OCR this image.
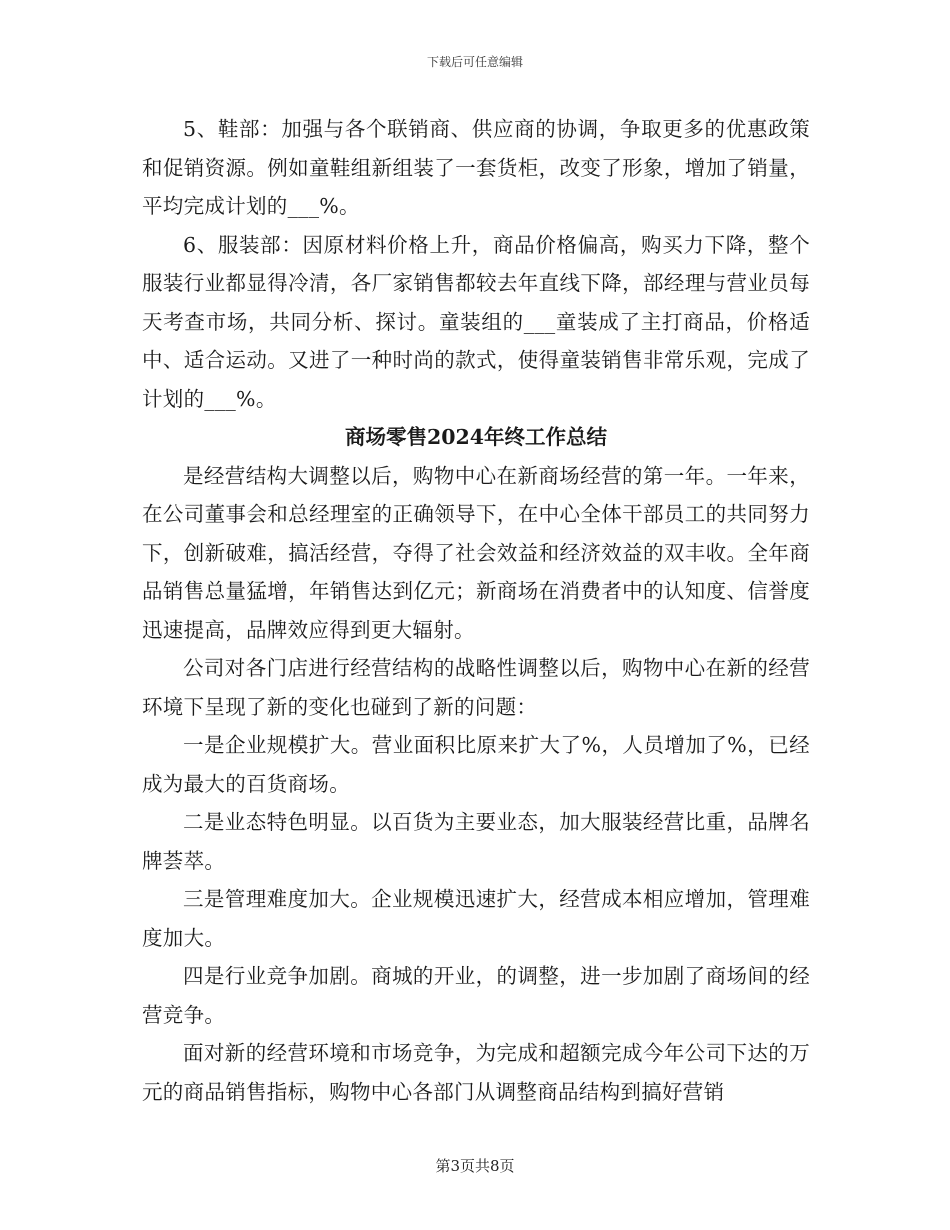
下载后可任意编辑

5、鞋部：加强与各个联销商、供应商的协调，争取更多的优惠政策和促销资源。例如童鞋组新组装了一套货柜，改变了形象，增加了销量，平均完成计划的___%。

6、服装部：因原材料价格上升，商品价格偏高，购买力下降，整个服装行业都显得冷清，各厂家销售都较去年直线下降，部经理与营业员每天考查市场，共同分析、探讨。童装组的___童装成了主打商品，价格适中、适合运动。又进了一种时尚的款式，使得童装销售非常乐观，完成了计划的___%。

商场零售2024年终工作总结

是经营结构大调整以后，购物中心在新商场经营的第一年。一年来，在公司董事会和总经理室的正确领导下，在中心全体干部员工的共同努力下，创新破难，搞活经营，夺得了社会效益和经济效益的双丰收。全年商品销售总量猛增，年销售达到亿元；新商场在消费者中的认知度、信誉度迅速提高，品牌效应得到更大辐射。

公司对各门店进行经营结构的战略性调整以后，购物中心在新的经营环境下呈现了新的变化也碰到了新的问题：

一是企业规模扩大。营业面积比原来扩大了%，人员增加了%，已经成为最大的百货商场。

二是业态特色明显。以百货为主要业态，加大服装经营比重，品牌名牌荟萃。

三是管理难度加大。企业规模迅速扩大，经营成本相应增加，管理难度加大。

四是行业竞争加剧。商城的开业，的调整，进一步加剧了商场间的经营竞争。

面对新的经营环境和市场竞争，为完成和超额完成今年公司下达的万元的商品销售指标，购物中心各部门从调整商品结构到搞好营销

第3页共8页
